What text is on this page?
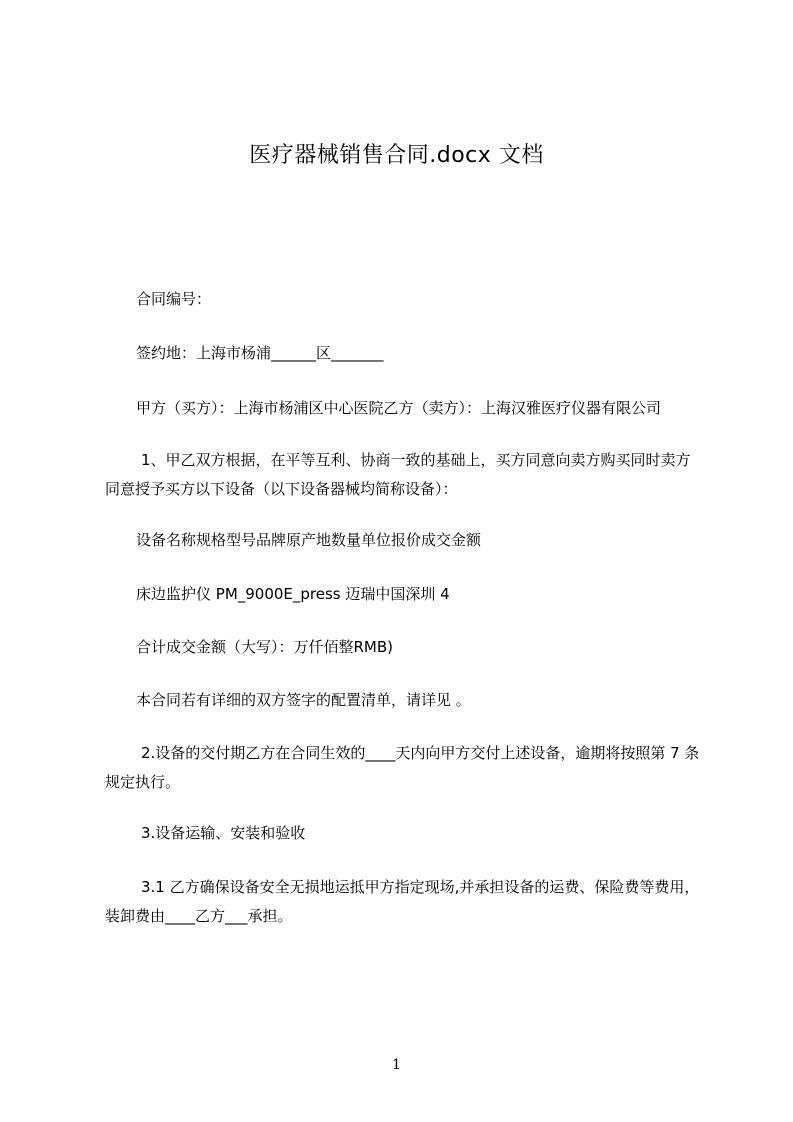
医疗器械销售合同.docx 文档
合同编号：
签约地：上海市杨浦______区_______
甲方（买方）：上海市杨浦区中心医院乙方（卖方）：上海汉雅医疗仪器有限公司
1、甲乙双方根据，在平等互利、协商一致的基础上，买方同意向卖方购买同时卖方同意授予买方以下设备（以下设备器械均简称设备）：
设备名称规格型号品牌原产地数量单位报价成交金额
床边监护仪 PM_9000E_press 迈瑞中国深圳 4
合计成交金额（大写）：万仟佰整RMB)
本合同若有详细的双方签字的配置清单，请详见 。
2.设备的交付期乙方在合同生效的____天内向甲方交付上述设备，逾期将按照第 7 条规定执行。
3.设备运输、安装和验收
3.1 乙方确保设备安全无损地运抵甲方指定现场,并承担设备的运费、保险费等费用，装卸费由____乙方___承担。
1
